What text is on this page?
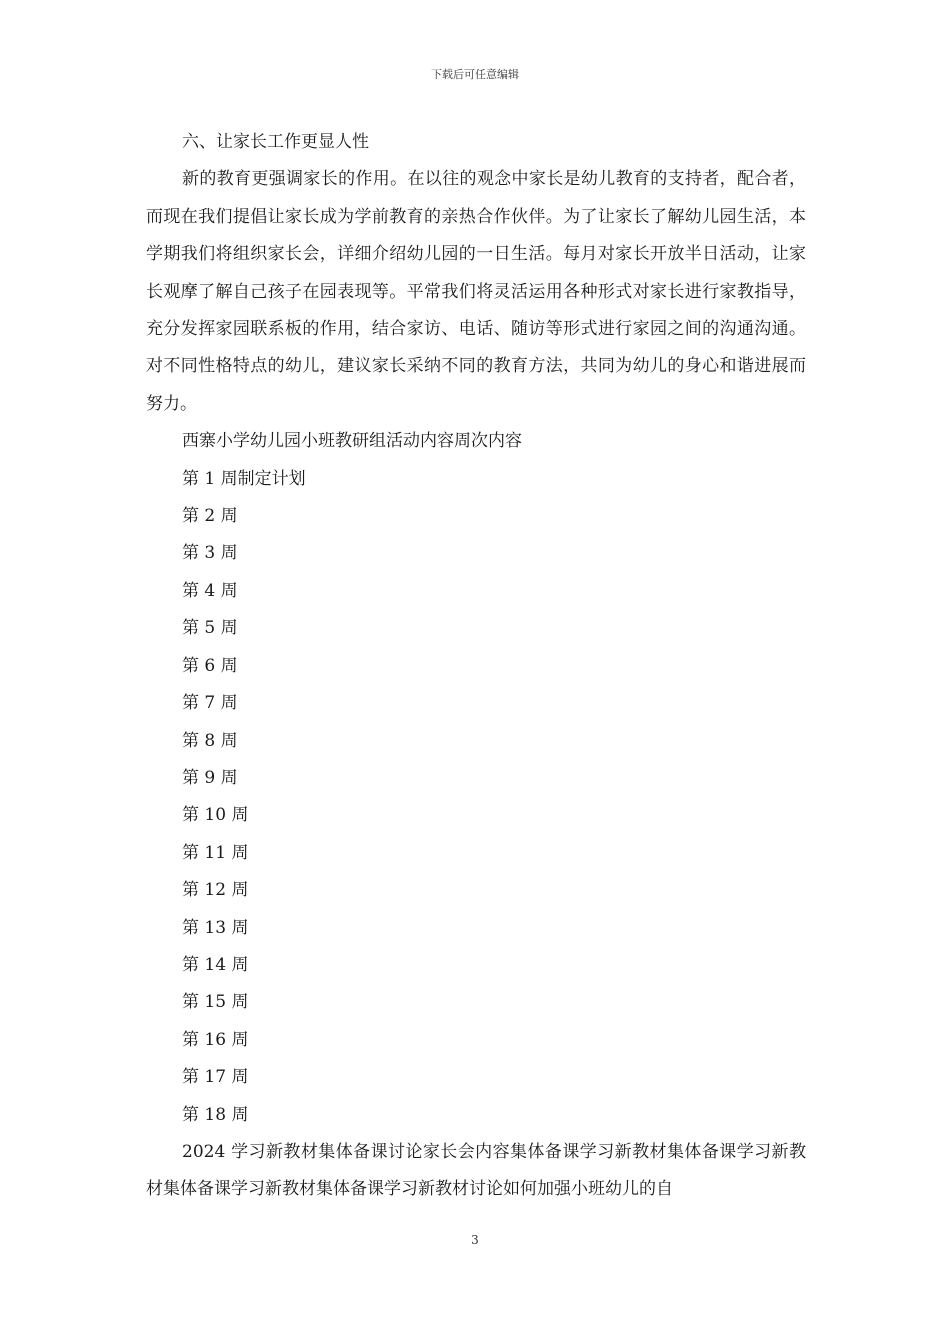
下载后可任意编辑

六、让家长工作更显人性

新的教育更强调家长的作用。在以往的观念中家长是幼儿教育的支持者，配合者，而现在我们提倡让家长成为学前教育的亲热合作伙伴。为了让家长了解幼儿园生活，本学期我们将组织家长会，详细介绍幼儿园的一日生活。每月对家长开放半日活动，让家长观摩了解自己孩子在园表现等。平常我们将灵活运用各种形式对家长进行家教指导，充分发挥家园联系板的作用，结合家访、电话、随访等形式进行家园之间的沟通沟通。对不同性格特点的幼儿，建议家长采纳不同的教育方法，共同为幼儿的身心和谐进展而努力。

西寨小学幼儿园小班教研组活动内容周次内容

第 1 周制定计划

第 2 周

第 3 周

第 4 周

第 5 周

第 6 周

第 7 周

第 8 周

第 9 周

第 10 周

第 11 周

第 12 周

第 13 周

第 14 周

第 15 周

第 16 周

第 17 周

第 18 周

2024 学习新教材集体备课讨论家长会内容集体备课学习新教材集体备课学习新教材集体备课学习新教材集体备课学习新教材讨论如何加强小班幼儿的自

3
